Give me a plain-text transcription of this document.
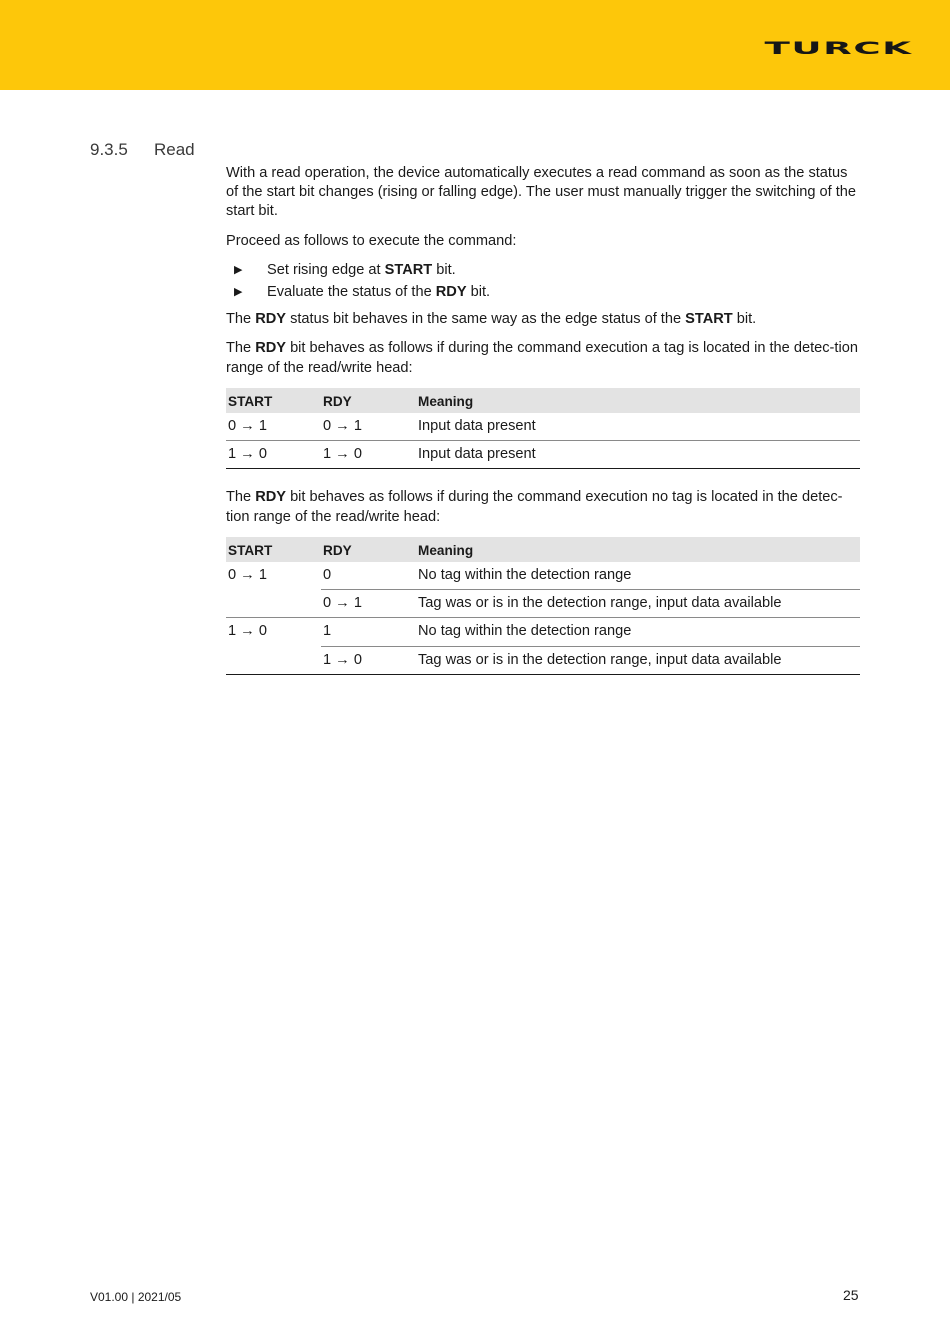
TURCK
9.3.5 Read

With a read operation, the device automatically executes a read command as soon as the status of the start bit changes (rising or falling edge). The user must manually trigger the switching of the start bit.

Proceed as follows to execute the command:

▶ Set rising edge at START bit.
▶ Evaluate the status of the RDY bit.

The RDY status bit behaves in the same way as the edge status of the START bit.

The RDY bit behaves as follows if during the command execution a tag is located in the detec-tion range of the read/write head:

START	RDY	Meaning
0 → 1	0 → 1	Input data present
1 → 0	1 → 0	Input data present

The RDY bit behaves as follows if during the command execution no tag is located in the detec-tion range of the read/write head:

START	RDY	Meaning
0 → 1	0	No tag within the detection range
	0 → 1	Tag was or is in the detection range, input data available
1 → 0	1	No tag within the detection range
	1 → 0	Tag was or is in the detection range, input data available
V01.00 | 2021/05	25
